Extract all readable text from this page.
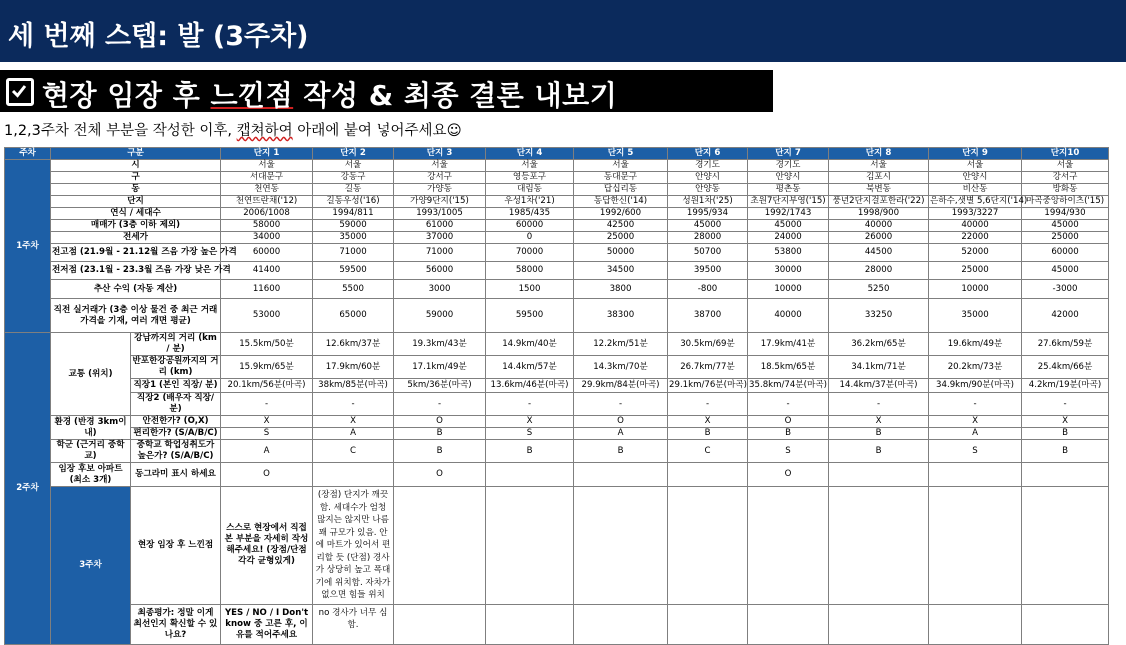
세 번째 스텝: 발 (3주차)
현장 임장 후 느낀점 작성 & 최종 결론 내보기
1,2,3주차 전체 부분을 작성한 이후, 캡쳐하여 아래에 붙여 넣어주세요☺
주차	구분		단지 1	단지 2	단지 3	단지 4	단지 5	단지 6	단지 7	단지 8	단지 9	단지10	
1주차	시		서울	서울	서울	서울	서울	경기도	경기도	서울	서울	서울	
	구		서대문구	강동구	강서구	영등포구	동대문구	안양시	안양시	김포시	안양시	강서구	
	동		천연동	길동	가양동	대림동	답십리동	안양동	평촌동	북변동	비산동	방화동	
	단지		천연뜨란채('12)	길동우성('16)	가양9단지('15)	우성1차('21)	동답한신('14)	성원1차('25)	초원7단지부영('15)	풍년2단지걸포한라('22)	은하수,샛별 5,6단지('14)	마곡중앙하이츠('15)	
	연식 / 세대수		2006/1008	1994/811	1993/1005	1985/435	1992/600	1995/934	1992/1743	1998/900	1993/3227	1994/930	
	매매가 (3층 이하 제외)		58000	59000	61000	60000	42500	45000	45000	40000	40000	45000	
	전세가		34000	35000	37000	0	25000	28000	24000	26000	22000	25000	
	전고점 (21.9월 - 21.12월 즈음 가장 높은 가격		60000	71000	71000	70000	50000	50700	53800	44500	52000	60000	
	전저점 (23.1월 - 23.3월 즈음 가장 낮은 가격		41400	59500	56000	58000	34500	39500	30000	28000	25000	45000	
	추산 수익 (자동 계산)		11600	5500	3000	1500	3800	-800	10000	5250	10000	-3000	
	직전 실거래가 (3층 이상 물건 중 최근 거래 가격을 기재, 여러 개면 평균)		53000	65000	59000	59500	38300	38700	40000	33250	35000	42000	
2주차	교통 (위치)	강남까지의 거리 (km / 분)	15.5km/50분	12.6km/37분	19.3km/43분	14.9km/40분	12.2km/51분	30.5km/69분	17.9km/41분	36.2km/65분	19.6km/49분	27.6km/59분	
		반포한강공원까지의 거리 (km)	15.9km/65분	17.9km/60분	17.1km/49분	14.4km/57분	14.3km/70분	26.7km/77분	18.5km/65분	34.1km/71분	20.2km/73분	25.4km/66분	
		직장1 (본인 직장/ 분)	20.1km/56분(마곡)	38km/85분(마곡)	5km/36분(마곡)	13.6km/46분(마곡)	29.9km/84분(마곡)	29.1km/76분(마곡)	35.8km/74분(마곡)	14.4km/37분(마곡)	34.9km/90분(마곡)	4.2km/19분(마곡)	
		직장2 (배우자 직장/ 분)	-	-	-	-	-	-	-	-	-	-	
	환경 (반경 3km이내)	안전한가? (O,X)	X	X	O	X	O	X	O	X	X	X	
		편리한가? (S/A/B/C)	S	A	B	S	A	B	B	B	A	B	
	학군 (근거리 중학교)	중학교 학업성취도가 높은가? (S/A/B/C)	A	C	B	B	B	C	S	B	S	B	
	임장 후보 아파트 (최소 3개)	동그라미 표시 하세요	O		O				O				
	3주차	현장 임장 후 느낀점	스스로 현장에서 직접 본 부분을 자세히 작성해주세요! (장점/단점 각각 균형있게)	(장점) 단지가 깨끗함. 세대수가 엄청 많지는 않지만 나름 꽤 규모가 있음. 안에 마트가 있어서 편리할 듯 (단점) 경사가 상당히 높고 폭대기에 위치함. 자차가 없으면 힘들 위치									
		최종평가: 정말 이게 최선인지 확신할 수 있나요?	YES / NO / I Don't know 중 고른 후, 이유를 적어주세요	no 경사가 너무 심함.									
